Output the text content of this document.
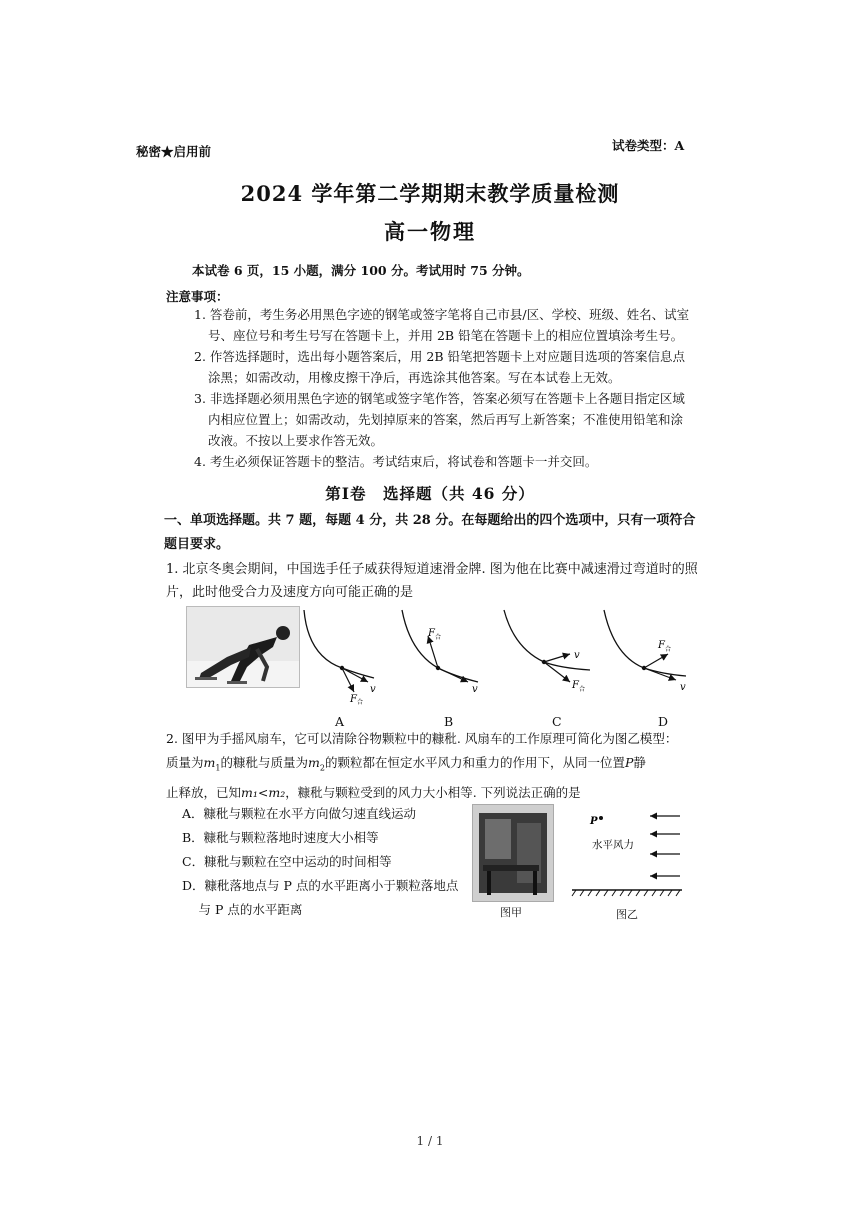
秘密★启用前	试卷类型：A
2024 学年第二学期期末教学质量检测
高一物理
本试卷 6 页，15 小题，满分 100 分。考试用时 75 分钟。
注意事项：
1. 答卷前，考生务必用黑色字迹的钢笔或签字笔将自己市县/区、学校、班级、姓名、试室号、座位号和考生号写在答题卡上，并用 2B 铅笔在答题卡上的相应位置填涂考生号。
2. 作答选择题时，选出每小题答案后，用 2B 铅笔把答题卡上对应题目选项的答案信息点涂黑；如需改动，用橡皮擦干净后，再选涂其他答案。写在本试卷上无效。
3. 非选择题必须用黑色字迹的钢笔或签字笔作答，答案必须写在答题卡上各题目指定区域内相应位置上；如需改动，先划掉原来的答案，然后再写上新答案；不准使用铅笔和涂改液。不按以上要求作答无效。
4. 考生必须保证答题卡的整洁。考试结束后，将试卷和答题卡一并交回。
第Ⅰ卷　选择题（共 46 分）
一、单项选择题。共 7 题，每题 4 分，共 28 分。在每题给出的四个选项中，只有一项符合题目要求。
1. 北京冬奥会期间，中国选手任子威获得短道速滑金牌. 图为他在比赛中减速滑过弯道时的照片，此时他受合力及速度方向可能正确的是
v
F 合
F 合
v
v
F 合
F 合
v
A	B	C	D
2. 图甲为手摇风扇车，它可以清除谷物颗粒中的糠秕. 风扇车的工作原理可简化为图乙模型：
质量为$m_1$的糠秕与质量为$m_2$的颗粒都在恒定水平风力和重力的作用下，从同一位置P静
止释放，已知m₁<m₂，糠秕与颗粒受到的风力大小相等. 下列说法正确的是
A．糠秕与颗粒在水平方向做匀速直线运动
B．糠秕与颗粒落地时速度大小相等
C．糠秕与颗粒在空中运动的时间相等
D．糠秕落地点与 P 点的水平距离小于颗粒落地点
　 与 P 点的水平距离	图甲
P
水平风力
图乙
1 / 1
